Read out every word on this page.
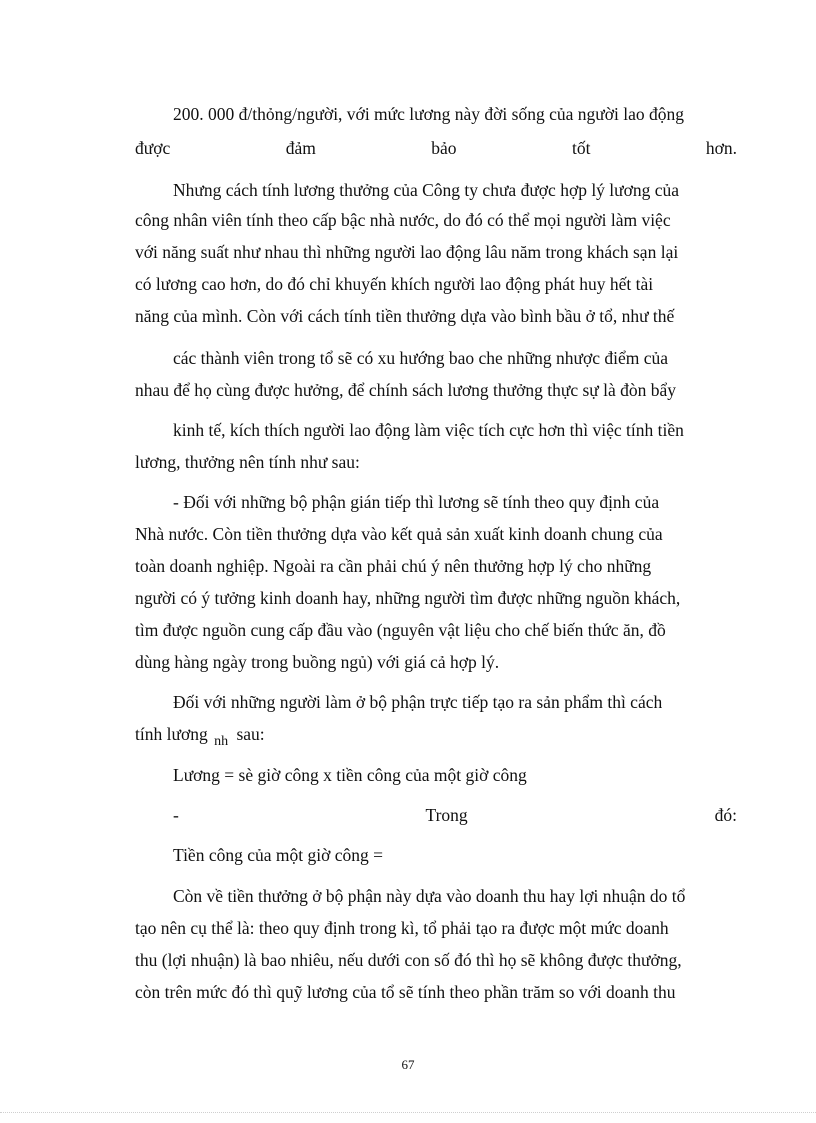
200. 000 đ/thỏng/người, với mức lương này đời sống của người lao động
được đảm bảo tốt hơn.
Nhưng cách tính lương thưởng của Công ty chưa được hợp lý lương của
công nhân viên tính theo cấp bậc nhà nước, do đó có thể mọi người làm việc
với năng suất như nhau thì những người lao động lâu năm trong khách sạn lại
có lương cao hơn, do đó chỉ khuyến khích người lao động phát huy hết tài
năng của mình. Còn với cách tính tiền thưởng dựa vào bình bầu ở tổ, như thế
các thành viên trong tổ sẽ có xu hướng bao che những nhược điểm của
nhau để họ cùng được hưởng, để chính sách lương thưởng thực sự là đòn bẩy
kinh tế, kích thích người lao động làm việc tích cực hơn thì việc tính tiền
lương, thưởng nên tính như sau:
- Đối với những bộ phận gián tiếp thì lương sẽ tính theo quy định của
Nhà nước. Còn tiền thưởng dựa vào kết quả sản xuất kinh doanh chung của
toàn doanh nghiệp. Ngoài ra cần phải chú ý nên thưởng hợp lý cho những
người có ý tưởng kinh doanh hay, những người tìm được những nguồn khách,
tìm được nguồn cung cấp đầu vào (nguyên vật liệu cho chế biến thức ăn, đồ
dùng hàng ngày trong buồng ngủ) với giá cả hợp lý.
Đối với những người làm ở bộ phận trực tiếp tạo ra sản phẩm thì cách
tính lương $_{nh}$ sau:
Lương = sè giờ công x tiền công của một giờ công
- Trong đó:
Tiền công của một giờ công =
Còn về tiền thưởng ở bộ phận này dựa vào doanh thu hay lợi nhuận do tổ
tạo nên cụ thể là: theo quy định trong kì, tổ phải tạo ra được một mức doanh
thu (lợi nhuận) là bao nhiêu, nếu dưới con số đó thì họ sẽ không được thưởng,
còn trên mức đó thì quỹ lương của tổ sẽ tính theo phần trăm so với doanh thu
67
